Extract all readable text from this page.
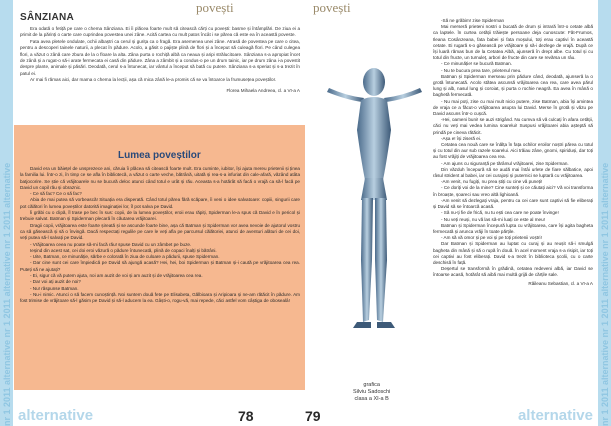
nr 1 2011 alternative nr 1 2011 alternative nr 1 2011 alternative
povești
SÂNZIANA

Era odată o fetiță pe care o chema Sânziana. Ei îi plăcea foarte mult să citească cărți cu povești: basme și întâmplări. De ziua ei a primit de la părinți o carte care cuprindea povestea unei zâne. Acită cartea cu mult patos încât i se părea că este ea în această poveste.

Fata avea pletele ondulate, ochii albaștri ca cerul și gurița ca o fragă. Era asemenea unei zâne. Atrasă de povestea pe care o citea, pentru a descoperi tainele naturii, a plecat în pădure. Acolo, a găsit o pajiște plină de flori și a început să culeagă flori. Pe când culegea flori, a văzut o zână care zbura de la o floare la alta. Zâna purta o rochiță albă ca neaua și aripi strălucitoare. Sânziana s-a apropiat încet de zână și a rugat-o să-i arate fermecata ei casă din pădure. Zâna a zâmbit și a condus-o pe un drum tainic, iar pe drum zâna i-a povestit despre plante, animale și păsări. Deodată, cerul s-a întunecat, iar vântul a început să bată cu putere. Sânziana s-a speriat și s-a trezit în patul ei.

Ar mai fi rămas aici, dar mama o chema la lecții, așa că mica zână le-a promis că se va întoarce la frumusețea poveștilor.

Florea Mihaela Andreea, cl. a VI-a A
Lumea poveștilor

David era un băiețel de unsprezece ani, căruia îi plăcea să citească foarte mult. Era cuminte, iubitor, își ajuta mereu prietenii și ținea la familia lui. Într-o zi, în timp ce se afla în bibliotecă, a văzut o carte veche, bătrână, uitată și rea-s-a infuriat din cale-afară, văzând atâta batjocorire. Se știe că vrăjitoarele nu se bucură deloc atunci când totul e urât și rău. Aceasta s-a hotărât să facă o vrajă ca să-l facă pe David un copil rău și obraznic.

- Ce să fac? Ce o să fac?

Abia de mai putea să vorbească! Situația era disperată. Când totul părea fără scăpare, îi veni o idee salvatoare: copiii, singurii care pot călători în lumea poveștilor datorită imaginației lor, îl pot salva pe David.

Îi grăbi cu o clipă, îl trase pe bec în sus: copii, de la lumea poveștilor, eroii erau răpiți, Spiderman le-a spus că David e în pericol și trebuie salvat. Batman și Spiderman plecară în căutarea vrăjitoarei.

Dragii copii, vrăjitoarea este foarte șireată și se ascunde foarte bine, așa că Batman și Spiderman vor avea nevoie de ajutorul vostru ca să găsească și să o învingă. Dacă respectați regulile pe care le veți afla pe parcursul călătoriei, atunci de aventuri alături de cei doi, veți putea să-l salvați pe David.

- Vrăjitoarea ceea nu poate să-mi facă rău! spuse David cu un zâmbet pe buze.

Ieșind din acest sat, cei doi eroi văzură o pădure întunecată, plină de copaci înalți și bătrâni.

- Uite, Batman, ce minunăție, sărbe e colorată în ziua de culoare a pădurii, spuse Spiderman.

- Dar cine sunt cei care împiedică pe David să ajungă acasă? Hei, hei, boi Spiderman și Batman și-i caută pe vrăjitoarea cea rea. Puteți să ne ajutați?

- Ei, sigur că vă putem ajuta, noi am auzit de voi și am auzit și de vrăjitoarea cea rea.

- Dar voi ați auzit de noi?

- Nu! răspunse Batman.

- Nu-i nimic. Atunci o să facem cunoștință. Noi suntem două fete pe Elisabeta, Gălbioara și Aripioara și ne-am rătăcit în pădure. Am fost trimise de vrăjitoare să-l găsim pe David și să-l aducem la ea. Gâști-o, rogu-vă, mai repede, căci astfel vom câștiga de obosealâ!

alternative	78	nr 1 2011 alternative nr 1 2011 alternative nr 1 2011 alternative
povești
grafica
Silviu Sadoschi
clasa a XI-a B

-Să ne grăbim! zise Spiderman

Mai merseră prieteni nostri o bucată de drum și intrară într-o cetate albă ca laptele. În curtea cetății trăiește persoane deja cunoscute: Făt-Frumos, Ileana Cosânzeana, fata babei și fata moșului, toți erau captivi în această cetate. Ei rugară s-o găsească pe vrăjitoare și să-i dezlege de vrajă. După ce își luară rămas bun de la Cetatea Albă, ajunseră în drept albe. Cu totul și cu totul din fructe, un turnuleț, arbori de fructe din care se revărsa un râu.

- Ce minunăție! se bucură Batman.

- Nu te bucura prea tare, prietenul meu.

Batman și Spiderman merseau prin pădure când, deodată, ajunseră la o grotă întunecată. Acolo stătea ascunsă vrăjitoarea cea rea, care avea părul lung și alb, nasul lung și coroiat, și purta o rochie neagră. Ea avea în mână o baghetă fermecată.

- Nu mai poți, zise cu mai mult nicio putere, zise Batman, abia își amintea de vraja ce a făcut-o vrăjitoarea asupra lui David. Merse în grotă și văzu pe David ascuns într-o cușcă.

-Hei, oameni buni! se auzi strigând. Nu cumva să vă culcați în afara cetății, căci nu veți mai vedea lumina soarelui! Suspusi vrăjitoarei abia așteptă să prindă pe cineva rătăcit.

-Așa e! își ziseră ei.

Cetatea cea nouă care se înălța în fața ochilor eroilor noștri părea cu totul și cu totul din aur sub razele soarelui. Aici trăiau zâne, gnomi, spiriduși, dar toți au fost vrăjiți de vrăjitoarea cea rea.

- Am ajuns cu siguranță pe tărâmul vrăjitoarei, zise Spiderman.

Din văzduh începură să se audă mai întâi urlete de fiare sălbatice, apoi râsul strident al babei, iar cei curajoși și puternici se luptară cu vrăjitoarea.

-Am venit, nu fugiți, nu prea știți cu cine vă puneți!

- Ce doriți voi de la mine? Cine sunteți și ce căutați aici? Vă voi transforma în broaște, șoareci sau vreo altă lighioană.

-Am venit să dezlegați vraja, pentru ca cei care sunt captivi să fie eliberați și David să se întoarcă acasă.

- Să nu-ți fie de frică, nu tu ești cea care ne poate învinge!

- Nu veți reuși, nu vă las să-mi luați ce este al meu!

Batman și Spiderman începură lupta cu vrăjitoarea, care își agita bagheta fermecată și arunca vrăji în toate părțile.

- Am să vă omor și pe voi și pe toți prietenii voștri!

Dar Batman și Spiderman au luptat cu curaj și au reușit să-i smulgă bagheta din mână și să o rupă în două. În acel moment vraja s-a risipit, iar toți cei captivi au fost eliberați. David s-a trezit în biblioteca școlii, cu o carte deschisă în față.

Deșertul se transformă în grădină, cetatea redeveni albă, iar David se întoarse acasă, hotărât să aibă mai multă grijă de cărțile sale.

Răileanu Sebastian, cl. a VI-a A
79	alternative
